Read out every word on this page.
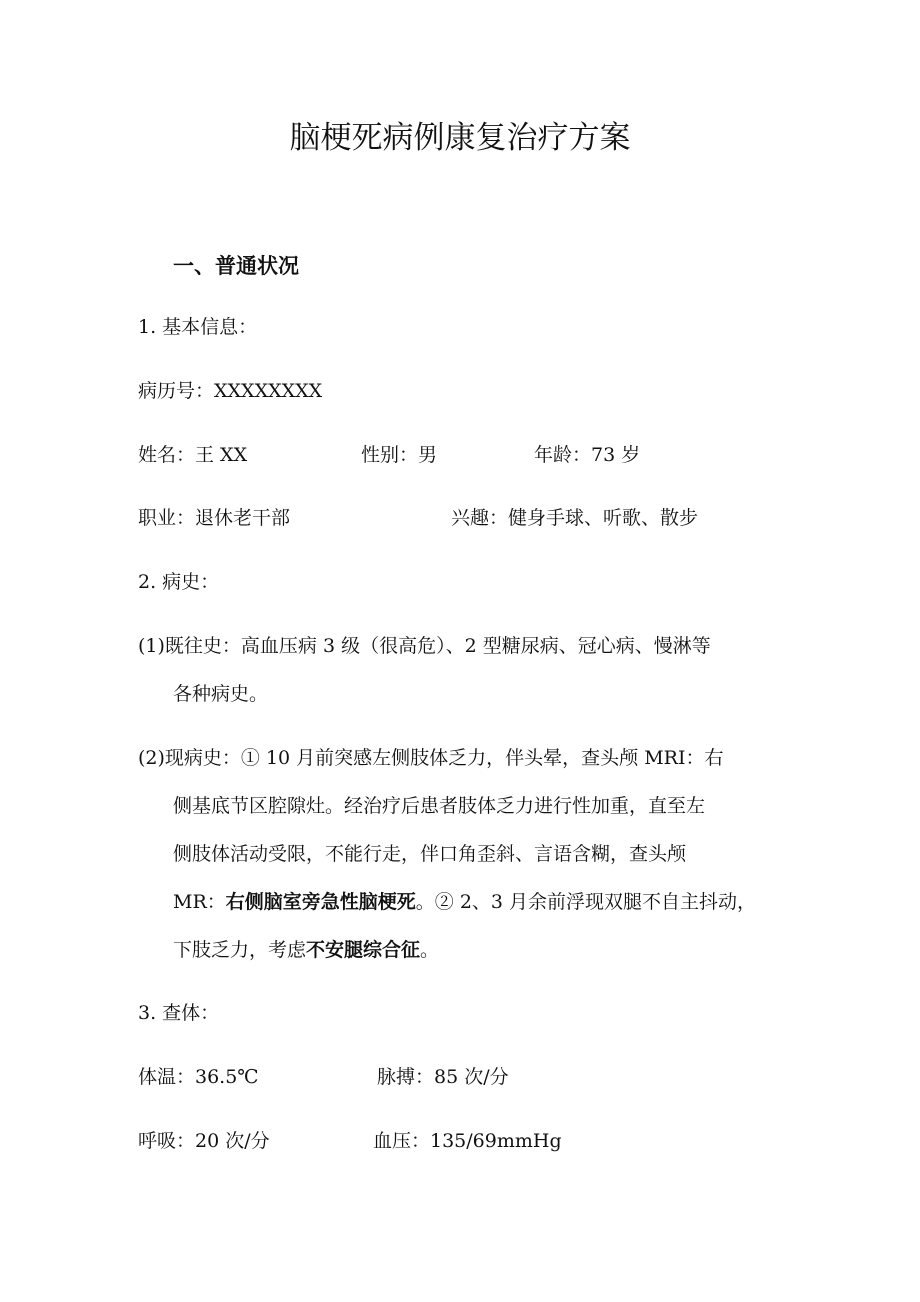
脑梗死病例康复治疗方案
一、普通状况
1. 基本信息：
病历号：XXXXXXXX
姓名：王 XX	性别：男	年龄：73 岁
职业：退休老干部	兴趣：健身手球、听歌、散步
2. 病史：
(1)既往史：高血压病 3 级（很高危）、2 型糖尿病、冠心病、慢淋等
各种病史。
(2)现病史：① 10 月前突感左侧肢体乏力，伴头晕，查头颅 MRI：右
侧基底节区腔隙灶。经治疗后患者肢体乏力进行性加重，直至左
侧肢体活动受限，不能行走，伴口角歪斜、言语含糊，查头颅
MR：右侧脑室旁急性脑梗死。② 2、3 月余前浮现双腿不自主抖动，
下肢乏力，考虑不安腿综合征。
3. 查体：
体温：36.5℃	脉搏：85 次/分
呼吸：20 次/分	血压：135/69mmHg
